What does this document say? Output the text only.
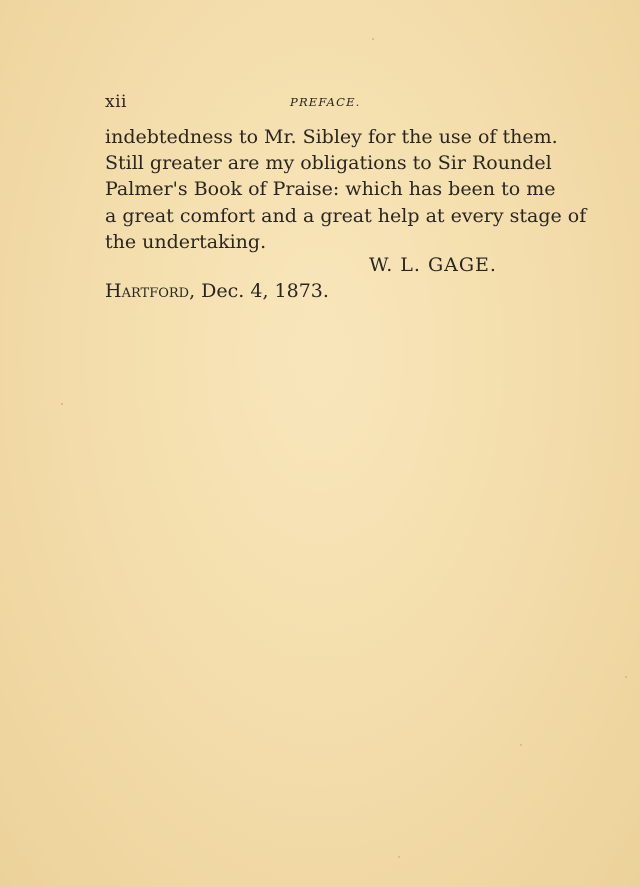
xii	PREFACE.
indebtedness to Mr. Sibley for the use of them.
Still greater are my obligations to Sir Roundel
Palmer's Book of Praise: which has been to me
a great comfort and a great help at every stage of
the undertaking.
W. L. GAGE.
Hartford, Dec. 4, 1873.
